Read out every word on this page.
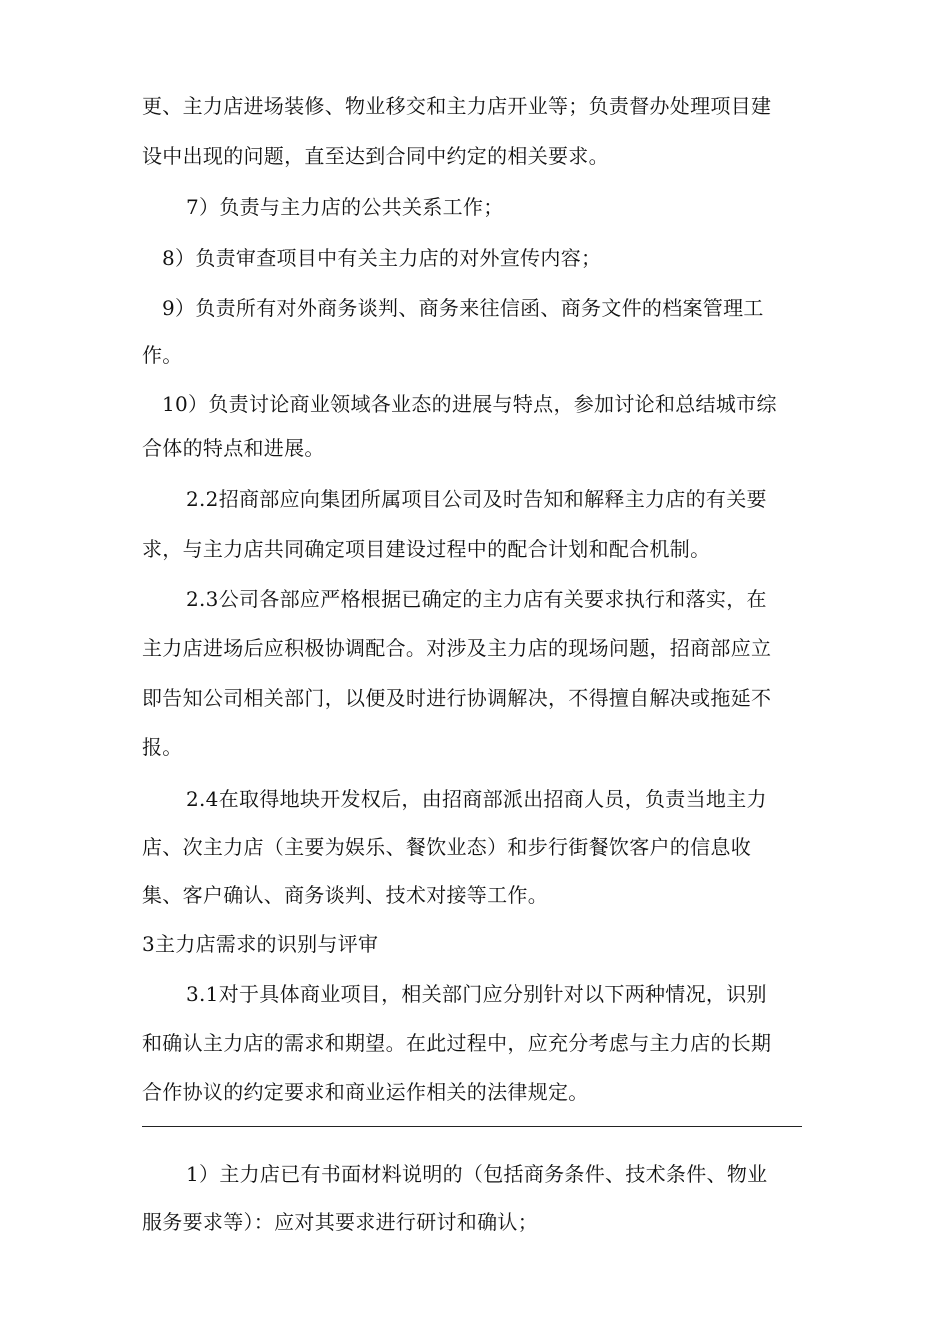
更、主力店进场装修、物业移交和主力店开业等；负责督办处理项目建
设中出现的问题，直至达到合同中约定的相关要求。
7）负责与主力店的公共关系工作；
8）负责审查项目中有关主力店的对外宣传内容；
9）负责所有对外商务谈判、商务来往信函、商务文件的档案管理工
作。
10）负责讨论商业领域各业态的进展与特点，参加讨论和总结城市综
合体的特点和进展。
2.2招商部应向集团所属项目公司及时告知和解释主力店的有关要
求，与主力店共同确定项目建设过程中的配合计划和配合机制。
2.3公司各部应严格根据已确定的主力店有关要求执行和落实，在
主力店进场后应积极协调配合。对涉及主力店的现场问题，招商部应立
即告知公司相关部门，以便及时进行协调解决，不得擅自解决或拖延不
报。
2.4在取得地块开发权后，由招商部派出招商人员，负责当地主力
店、次主力店（主要为娱乐、餐饮业态）和步行街餐饮客户的信息收
集、客户确认、商务谈判、技术对接等工作。
3主力店需求的识别与评审
3.1对于具体商业项目，相关部门应分别针对以下两种情况，识别
和确认主力店的需求和期望。在此过程中，应充分考虑与主力店的长期
合作协议的约定要求和商业运作相关的法律规定。
1）主力店已有书面材料说明的（包括商务条件、技术条件、物业
服务要求等）：应对其要求进行研讨和确认；
